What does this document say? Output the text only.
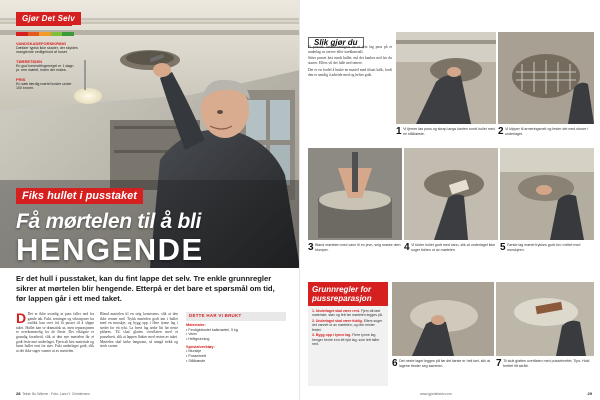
Gjør Det Selv
VANDSKADEFORSIKRING
Dækker typisk ikke skader, der skyldes manglende vedligehold af huset.
TØRRETIDEN
En god tommelfingerregel er 1 døgn pr. mm mørtel, inden der males.
PRIS
En sæk færdig mørtel koster under 100 kroner.
Fiks hullet i pusstaket
Få mørtelen til å bli
HENGENDE
Er det hull i pusstaket, kan du fint lappe det selv. Tre enkle grunnregler sikrer at mørtelen blir hengende. Etterpå er det bare et spørsmål om tid, før lappen går i ett med taket.
D Det er ikke uvanlig at puss faller ned fra gamle tak. Fukt, setninger og vibrasjoner fra trafikk kan over tid få pusset til å slippe taket. Hullet kan se dramatisk ut, men reparasjonen er overkommelig for de fleste. Det viktigste er grundig forarbeid, slik at den nye mørtelen får et godt feste mot underlaget. Fjern alt løst materiale og børst hullet rent for støv. Fukt underlaget godt, slik at det ikke suger vannet ut av mørtelen.
Bland mørtelen til en seig konsistens, slik at den ikke renner ned. Trykk mørtelen godt inn i hullet med en murskje, og bygg opp i flere tynne lag i stedet for ett tykt. La hvert lag tørke litt før neste påføres. Til slutt glattes overflaten med et pussebrett, slik at lappen flukter med resten av taket. Mørtelen skal tørke langsomt, så unngå trekk og sterk varme.
DETTE HAR VI BRUKT
Materialer:
• Ferdigblandet kalkmørtel, 5 kg
• Vann
• Heftgrunning
Spesialverktøy:
• Murskje
• Pussebrett
• Stålbørste
28 Tekst: Bo Wärme · Foto: Lars H. Christensen
Slik gjør du

Et pusstak består vanligvis av et tynt lag puss på et underlag av rørvev eller strekkmetall.

Sitter pusset løst rundt hullet, må det bankes ned før du starter. Ellers vil det falle ned senere.

Det er en fordel å bruke en mørtel med tilsatt kalk, fordi den er smidig å arbeide med og hefter godt.

1 Vi fjerner løs puss og skrap langs kanten rundt hullet med en stålbørste.	2 Vi klipper til armeringsnett og fester det med skruer i underlaget.
3 Bland mørtelen med vann til en jevn, seig masse uten klumper.	4 Vi fukter hullet godt med vann, slik at underlaget ikke suger fukten ut av mørtelen.	5 Første lag mørtel trykkes godt inn i nettet med murskjeen.
Grunnregler for pussreparasjon

1. Underlaget skal være rent. Fjern alt løst materiale, støv og fett før mørtelen legges på.

2. Underlaget skal være fuktig. Ellers suger det vannet ut av mørtelen, og den mister festet.

3. Bygg opp i tynne lag. Flere tynne lag henger bedre enn ett tykt lag, som lett faller ned.

6 Det neste laget legges på før det første er helt tørt, slik at lagene binder seg sammen.	7 Til slutt glattes overflaten med pussebrettet. Tips: Hold brettet litt skrått.
www.gjordetselv.com	29
